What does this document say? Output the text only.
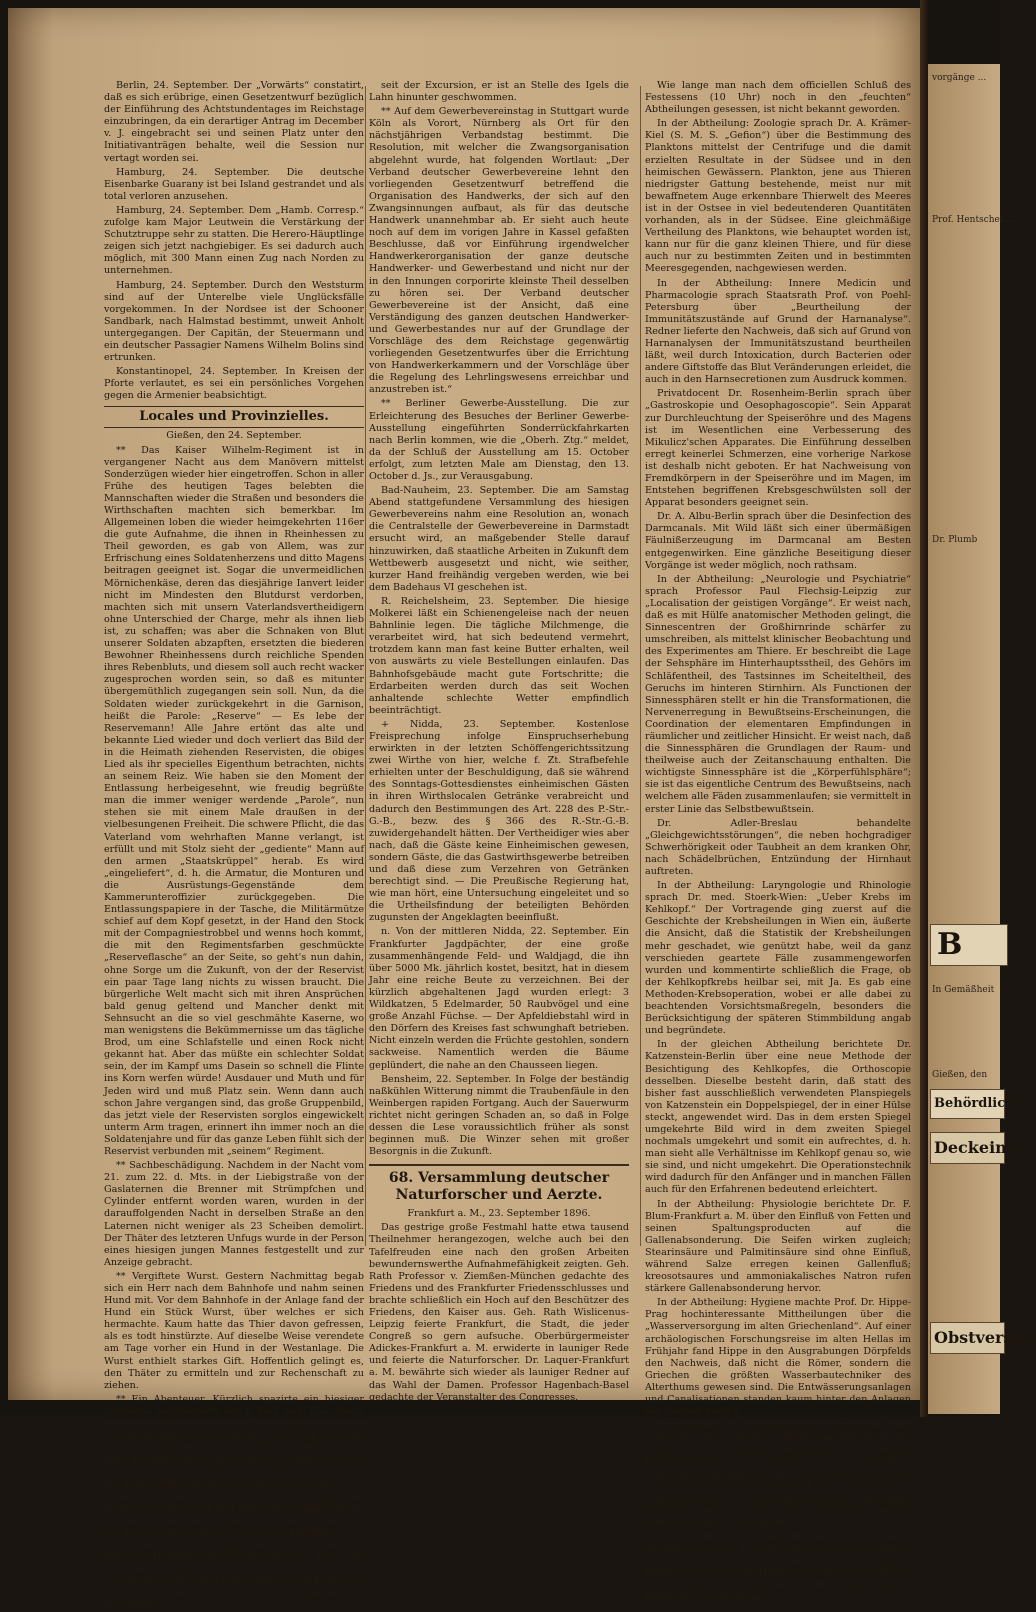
Berlin, 24. September. Der „Vorwärts“ constatirt, daß es sich erübrige, einen Gesetzentwurf bezüglich der Einführung des Achtstundentages im Reichstage einzubringen, da ein derartiger Antrag im December v. J. eingebracht sei und seinen Platz unter den Initiativanträgen behalte, weil die Session nur vertagt worden sei.

Hamburg, 24. September. Die deutsche Eisenbarke Guarany ist bei Island gestrandet und als total verloren anzusehen.

Hamburg, 24. September. Dem „Hamb. Corresp.“ zufolge kam Major Leutwein die Verstärkung der Schutztruppe sehr zu statten. Die Herero-Häuptlinge zeigen sich jetzt nachgiebiger. Es sei dadurch auch möglich, mit 300 Mann einen Zug nach Norden zu unternehmen.

Hamburg, 24. September. Durch den Weststurm sind auf der Unterelbe viele Unglücksfälle vorgekommen. In der Nordsee ist der Schooner Sandbark, nach Halmstad bestimmt, unweit Anholt untergegangen. Der Capitän, der Steuermann und ein deutscher Passagier Namens Wilhelm Bolins sind ertrunken.

Konstantinopel, 24. September. In Kreisen der Pforte verlautet, es sei ein persönliches Vorgehen gegen die Armenier beabsichtigt.

Locales und Provinzielles.
Gießen, den 24. September.

** Das Kaiser Wilhelm-Regiment ist in vergangener Nacht aus dem Manövern mittelst Sonderzügen wieder hier eingetroffen. Schon in aller Frühe des heutigen Tages belebten die Mannschaften wieder die Straßen und besonders die Wirthschaften machten sich bemerkbar. Im Allgemeinen loben die wieder heimgekehrten 116er die gute Aufnahme, die ihnen in Rheinhessen zu Theil geworden, es gab von Allem, was zur Erfrischung eines Soldatenherzens und ditto Magens beitragen geeignet ist. Sogar die unvermeidlichen Mörnichenkäse, deren das diesjährige Ianvert leider nicht im Mindesten den Blutdurst verdorben, machten sich mit unsern Vaterlandsvertheidigern ohne Unterschied der Charge, mehr als ihnen lieb ist, zu schaffen; was aber die Schnaken von Blut unserer Soldaten abzapften, ersetzten die biederen Bewohner Rheinhessens durch reichliche Spenden ihres Rebenbluts, und diesem soll auch recht wacker zugesprochen worden sein, so daß es mitunter übergemüthlich zugegangen sein soll. Nun, da die Soldaten wieder zurückgekehrt in die Garnison, heißt die Parole: „Reserve“ — Es lebe der Reservemann! Alle Jahre ertönt das alte und bekannte Lied wieder und doch verliert das Bild der in die Heimath ziehenden Reservisten, die obiges Lied als ihr specielles Eigenthum betrachten, nichts an seinem Reiz. Wie haben sie den Moment der Entlassung herbeigesehnt, wie freudig begrüßte man die immer weniger werdende „Parole“, nun stehen sie mit einem Male draußen in der vielbesungenen Freiheit. Die schwere Pflicht, die das Vaterland vom wehrhaften Manne verlangt, ist erfüllt und mit Stolz sieht der „gediente“ Mann auf den armen „Staatskrüppel“ herab. Es wird „eingeliefert“, d. h. die Armatur, die Monturen und die Ausrüstungs-Gegenstände dem Kammerunteroffizier zurückgegeben. Die Entlassungspapiere in der Tasche, die Militärmütze schief auf dem Kopf gesetzt, in der Hand den Stock mit der Compagniestrobbel und wenns hoch kommt, die mit den Regimentsfarben geschmückte „Reserveflasche“ an der Seite, so geht's nun dahin, ohne Sorge um die Zukunft, von der der Reservist ein paar Tage lang nichts zu wissen braucht. Die bürgerliche Welt macht sich mit ihren Ansprüchen bald genug geltend und Mancher denkt mit Sehnsucht an die so viel geschmähte Kaserne, wo man wenigstens die Bekümmernisse um das tägliche Brod, um eine Schlafstelle und einen Rock nicht gekannt hat. Aber das müßte ein schlechter Soldat sein, der im Kampf ums Dasein so schnell die Flinte ins Korn werfen würde! Ausdauer und Muth und für Jeden wird und muß Platz sein. Wenn dann auch schon Jahre vergangen sind, das große Gruppenbild, das jetzt viele der Reservisten sorglos eingewickelt unterm Arm tragen, erinnert ihn immer noch an die Soldatenjahre und für das ganze Leben fühlt sich der Reservist verbunden mit „seinem“ Regiment.

** Sachbeschädigung. Nachdem in der Nacht vom 21. zum 22. d. Mts. in der Liebigstraße von der Gaslaternen die Brenner mit Strümpfchen und Cylinder entfernt worden waren, wurden in der darauffolgenden Nacht in derselben Straße an den Laternen nicht weniger als 23 Scheiben demolirt. Der Thäter des letzteren Unfugs wurde in der Person eines hiesigen jungen Mannes festgestellt und zur Anzeige gebracht.

** Vergiftete Wurst. Gestern Nachmittag begab sich ein Herr nach dem Bahnhofe und nahm seinen Hund mit. Vor dem Bahnhofe in der Anlage fand der Hund ein Stück Wurst, über welches er sich hermachte. Kaum hatte das Thier davon gefressen, als es todt hinstürzte. Auf dieselbe Weise verendete am Tage vorher ein Hund in der Westanlage. Die Wurst enthielt starkes Gift. Hoffentlich gelingt es, den Thäter zu ermitteln und zur Rechenschaft zu ziehen.

** Ein Abenteuer. Kürzlich spazirte ein hiesiger Studiosus wohlgemuth durch Feld und Flur, theils um sich in der herrlichen Luft zu erholen, theils um sein Herbarium zu bereichern. Das Glück war ihm günstig, indem er — einen colossalen Igel fand. Er band das liebe Thierchen in sein Schnupftuch und da sich nachgerade bei ihm Durst einstellte, ging er in ein in der Nähe gelegenes Gasthaus, um „Einen“ zu trinken. Nachdem er sich über Gebühr gestärkt, packte er seinen Igel und trat seinen Heimweg an. Auf der Lahnbrücke empfand er die drückende Last des Thieres und kurz entschlossen schleuderte er es in die Lahn. Die nun aufgelöste Bude sah ihn wohl bald von Morpheus Armen umschlungen. Als er am nächsten Morgen erwachte, sah er zu seinem größten Erstaunen den Igel neben sich im Bette; der von einem guten Freunde dedicirte Spazierstock aber fehlte

seit der Excursion, er ist an Stelle des Igels die Lahn hinunter geschwommen.

** Auf dem Gewerbevereinstag in Stuttgart wurde Köln als Vorort, Nürnberg als Ort für den nächstjährigen Verbandstag bestimmt. Die Resolution, mit welcher die Zwangsorganisation abgelehnt wurde, hat folgenden Wortlaut: „Der Verband deutscher Gewerbevereine lehnt den vorliegenden Gesetzentwurf betreffend die Organisation des Handwerks, der sich auf den Zwangsinnungen aufbaut, als für das deutsche Handwerk unannehmbar ab. Er sieht auch heute noch auf dem im vorigen Jahre in Kassel gefaßten Beschlusse, daß vor Einführung irgendwelcher Handwerkerorganisation der ganze deutsche Handwerker- und Gewerbestand und nicht nur der in den Innungen corporirte kleinste Theil desselben zu hören sei. Der Verband deutscher Gewerbevereine ist der Ansicht, daß eine Verständigung des ganzen deutschen Handwerker- und Gewerbestandes nur auf der Grundlage der Vorschläge des dem Reichstage gegenwärtig vorliegenden Gesetzentwurfes über die Errichtung von Handwerkerkammern und der Vorschläge über die Regelung des Lehrlingswesens erreichbar und anzustreben ist.“

** Berliner Gewerbe-Ausstellung. Die zur Erleichterung des Besuches der Berliner Gewerbe-Ausstellung eingeführten Sonderrückfahrkarten nach Berlin kommen, wie die „Oberh. Ztg.“ meldet, da der Schluß der Ausstellung am 15. October erfolgt, zum letzten Male am Dienstag, den 13. October d. Js., zur Verausgabung.

Bad-Nauheim, 23. September. Die am Samstag Abend stattgefundene Versammlung des hiesigen Gewerbevereins nahm eine Resolution an, wonach die Centralstelle der Gewerbevereine in Darmstadt ersucht wird, an maßgebender Stelle darauf hinzuwirken, daß staatliche Arbeiten in Zukunft dem Wettbewerb ausgesetzt und nicht, wie seither, kurzer Hand freihändig vergeben werden, wie bei dem Badehaus VI geschehen ist.

R. Reichelsheim, 23. September. Die hiesige Molkerei läßt ein Schienengeleise nach der neuen Bahnlinie legen. Die tägliche Milchmenge, die verarbeitet wird, hat sich bedeutend vermehrt, trotzdem kann man fast keine Butter erhalten, weil von auswärts zu viele Bestellungen einlaufen. Das Bahnhofsgebäude macht gute Fortschritte; die Erdarbeiten werden durch das seit Wochen anhaltende schlechte Wetter empfindlich beeinträchtigt.

+ Nidda, 23. September. Kostenlose Freisprechung infolge Einspruchserhebung erwirkten in der letzten Schöffengerichtssitzung zwei Wirthe von hier, welche f. Zt. Strafbefehle erhielten unter der Beschuldigung, daß sie während des Sonntags-Gottesdienstes einheimischen Gästen in ihren Wirthslocalen Getränke verabreicht und dadurch den Bestimmungen des Art. 228 des P.-Str.-G.-B., bezw. des § 366 des R.-Str.-G.-B. zuwidergehandelt hätten. Der Vertheidiger wies aber nach, daß die Gäste keine Einheimischen gewesen, sondern Gäste, die das Gastwirthsgewerbe betreiben und daß diese zum Verzehren von Getränken berechtigt sind. — Die Preußische Regierung hat, wie man hört, eine Untersuchung eingeleitet und so die Urtheilsfindung der beteiligten Behörden zugunsten der Angeklagten beeinflußt.

n. Von der mittleren Nidda, 22. September. Ein Frankfurter Jagdpächter, der eine große zusammenhängende Feld- und Waldjagd, die ihn über 5000 Mk. jährlich kostet, besitzt, hat in diesem Jahr eine reiche Beute zu verzeichnen. Bei der kürzlich abgehaltenen Jagd wurden erlegt: 3 Wildkatzen, 5 Edelmarder, 50 Raubvögel und eine große Anzahl Füchse. — Der Apfeldiebstahl wird in den Dörfern des Kreises fast schwunghaft betrieben. Nicht einzeln werden die Früchte gestohlen, sondern sackweise. Namentlich werden die Bäume geplündert, die nahe an den Chausseen liegen.

Bensheim, 22. September. In Folge der beständig naßkühlen Witterung nimmt die Traubenfäule in den Weinbergen rapiden Fortgang. Auch der Sauerwurm richtet nicht geringen Schaden an, so daß in Folge dessen die Lese voraussichtlich früher als sonst beginnen muß. Die Winzer sehen mit großer Besorgnis in die Zukunft.

68. Versammlung deutscher Naturforscher und Aerzte.
Frankfurt a. M., 23. September 1896.

Das gestrige große Festmahl hatte etwa tausend Theilnehmer herangezogen, welche auch bei den Tafelfreuden eine nach den großen Arbeiten bewundernswerthe Aufnahmefähigkeit zeigten. Geh. Rath Professor v. Ziemßen-München gedachte des Friedens und des Frankfurter Friedensschlusses und brachte schließlich ein Hoch auf den Beschützer des Friedens, den Kaiser aus. Geh. Rath Wislicenus-Leipzig feierte Frankfurt, die Stadt, die jeder Congreß so gern aufsuche. Oberbürgermeister Adickes-Frankfurt a. M. erwiderte in launiger Rede und feierte die Naturforscher. Dr. Laquer-Frankfurt a. M. bewährte sich wieder als launiger Redner auf das Wahl der Damen. Professor Hagenbach-Basel gedachte der Veranstalter des Congresses.

Wie lange man nach dem officiellen Schluß des Festessens (10 Uhr) noch in den „feuchten“ Abtheilungen gesessen, ist nicht bekannt geworden.

In der Abtheilung: Zoologie sprach Dr. A. Krämer-Kiel (S. M. S. „Gefion“) über die Bestimmung des Planktons mittelst der Centrifuge und die damit erzielten Resultate in der Südsee und in den heimischen Gewässern. Plankton, jene aus Thieren niedrigster Gattung bestehende, meist nur mit bewaffnetem Auge erkennbare Thierwelt des Meeres ist in der Ostsee in viel bedeutenderen Quantitäten vorhanden, als in der Südsee. Eine gleichmäßige Vertheilung des Planktons, wie behauptet worden ist, kann nur für die ganz kleinen Thiere, und für diese auch nur zu bestimmten Zeiten und in bestimmten Meeresgegenden, nachgewiesen werden.

In der Abtheilung: Innere Medicin und Pharmacologie sprach Staatsrath Prof. von Poehl-Petersburg über „Beurtheilung der Immunitätszustände auf Grund der Harnanalyse“. Redner lieferte den Nachweis, daß sich auf Grund von Harnanalysen der Immunitätszustand beurtheilen läßt, weil durch Intoxication, durch Bacterien oder andere Giftstoffe das Blut Veränderungen erleidet, die auch in den Harnsecretionen zum Ausdruck kommen.

Privatdocent Dr. Rosenheim-Berlin sprach über „Gastroskopie und Oesophagoscopie“. Sein Apparat zur Durchleuchtung der Speiseröhre und des Magens ist im Wesentlichen eine Verbesserung des Mikulicz'schen Apparates. Die Einführung desselben erregt keinerlei Schmerzen, eine vorherige Narkose ist deshalb nicht geboten. Er hat Nachweisung von Fremdkörpern in der Speiseröhre und im Magen, im Entstehen begriffenen Krebsgeschwülsten soll der Apparat besonders geeignet sein.

Dr. A. Albu-Berlin sprach über die Desinfection des Darmcanals. Mit Wild läßt sich einer übermäßigen Fäulnißerzeugung im Darmcanal am Besten entgegenwirken. Eine gänzliche Beseitigung dieser Vorgänge ist weder möglich, noch rathsam.

In der Abtheilung: „Neurologie und Psychiatrie“ sprach Professor Paul Flechsig-Leipzig zur „Localisation der geistigen Vorgänge“. Er weist nach, daß es mit Hülfe anatomischer Methoden gelingt, die Sinnescentren der Großhirnrinde schärfer zu umschreiben, als mittelst klinischer Beobachtung und des Experimentes am Thiere. Er beschreibt die Lage der Sehsphäre im Hinterhauptsstheil, des Gehörs im Schläfentheil, des Tastsinnes im Scheiteltheil, des Geruchs im hinteren Stirnhirn. Als Functionen der Sinnessphären stellt er hin die Transformationen, die Nervenerregung in Bewußtseins-Erscheinungen, die Coordination der elementaren Empfindungen in räumlicher und zeitlicher Hinsicht. Er weist nach, daß die Sinnessphären die Grundlagen der Raum- und theilweise auch der Zeitanschauung enthalten. Die wichtigste Sinnessphäre ist die „Körperfühlsphäre“; sie ist das eigentliche Centrum des Bewußtseins, nach welchem alle Fäden zusammenlaufen; sie vermittelt in erster Linie das Selbstbewußtsein.

Dr. Adler-Breslau behandelte „Gleichgewichtsstörungen“, die neben hochgradiger Schwerhörigkeit oder Taubheit an dem kranken Ohr, nach Schädelbrüchen, Entzündung der Hirnhaut auftreten.

In der Abtheilung: Laryngologie und Rhinologie sprach Dr. med. Stoerk-Wien: „Ueber Krebs im Kehlkopf.“ Der Vortragende ging zuerst auf die Geschichte der Krebsheilungen in Wien ein, äußerte die Ansicht, daß die Statistik der Krebsheilungen mehr geschadet, wie genützt habe, weil da ganz verschieden geartete Fälle zusammengeworfen wurden und kommentirte schließlich die Frage, ob der Kehlkopfkrebs heilbar sei, mit Ja. Es gab eine Methoden-Krebsoperation, wobei er alle dabei zu beachtenden Vorsichtsmaßregeln, besonders die Berücksichtigung der späteren Stimmbildung angab und begründete.

In der gleichen Abtheilung berichtete Dr. Katzenstein-Berlin über eine neue Methode der Besichtigung des Kehlkopfes, die Orthoscopie desselben. Dieselbe besteht darin, daß statt des bisher fast ausschließlich verwendeten Planspiegels von Katzenstein ein Doppelspiegel, der in einer Hülse steckt, angewendet wird. Das in dem ersten Spiegel umgekehrte Bild wird in dem zweiten Spiegel nochmals umgekehrt und somit ein aufrechtes, d. h. man sieht alle Verhältnisse im Kehlkopf genau so, wie sie sind, und nicht umgekehrt. Die Operationstechnik wird dadurch für den Anfänger und in manchen Fällen auch für den Erfahrenen bedeutend erleichtert.

In der Abtheilung: Physiologie berichtete Dr. F. Blum-Frankfurt a. M. über den Einfluß von Fetten und seinen Spaltungsproducten auf die Gallenabsonderung. Die Seifen wirken zugleich; Stearinsäure und Palmitinsäure sind ohne Einfluß, während Salze erregen keinen Gallenfluß; kreosotsaures und ammoniakalisches Natron rufen stärkere Gallenabsonderung hervor.

In der Abtheilung: Hygiene machte Prof. Dr. Hippe-Prag hochinteressante Mittheilungen über die „Wasserversorgung im alten Griechenland“. Auf einer archäologischen Forschungsreise im alten Hellas im Frühjahr fand Hippe in den Ausgrabungen Dörpfelds den Nachweis, daß nicht die Römer, sondern die Griechen die größten Wasserbautechniker des Alterthums gewesen sind. Die Entwässerungsanlagen und Canalisationen standen kaum hinter den Anlagen der Neuzeit zurück.

Privatdocent M. Hahn-München berichtete über „Versuche, die natürliche Widerstandsfähigkeit des Blutes durch künstliche Vermehrung der weißen Blutkörperchen zu steigern“. Die natürliche Widerstandsfähigkeit ist im Wesentlichen identisch mit der keimtödtenden Kraft des Blutes; diese letztere trägt aber, wie die Versuche beweisen, auch beim Menschen, wenn es gelingt, die circulirenden weißen Blutkörperchen zu vermehren.

In der Abtheilung: Unfallheilkunde und gerichtliche Medizin sprach Dr. L. Goldstein-Aachen über ärztliche Gutachten und gerichtsärztlichen Entscheidungen. Redner beweis an der Hand eines Falles, wie sehr es wünschenswerth sei, daß bei der Rechtsprechung im Reichs-Versicherungsamt...

vorgänge ...
Prof. Hentschel ...
Dr. Plumb
B
In Gemäßheit
Gießen, den
Behördliche
Deckeinlei
Obstverstei
